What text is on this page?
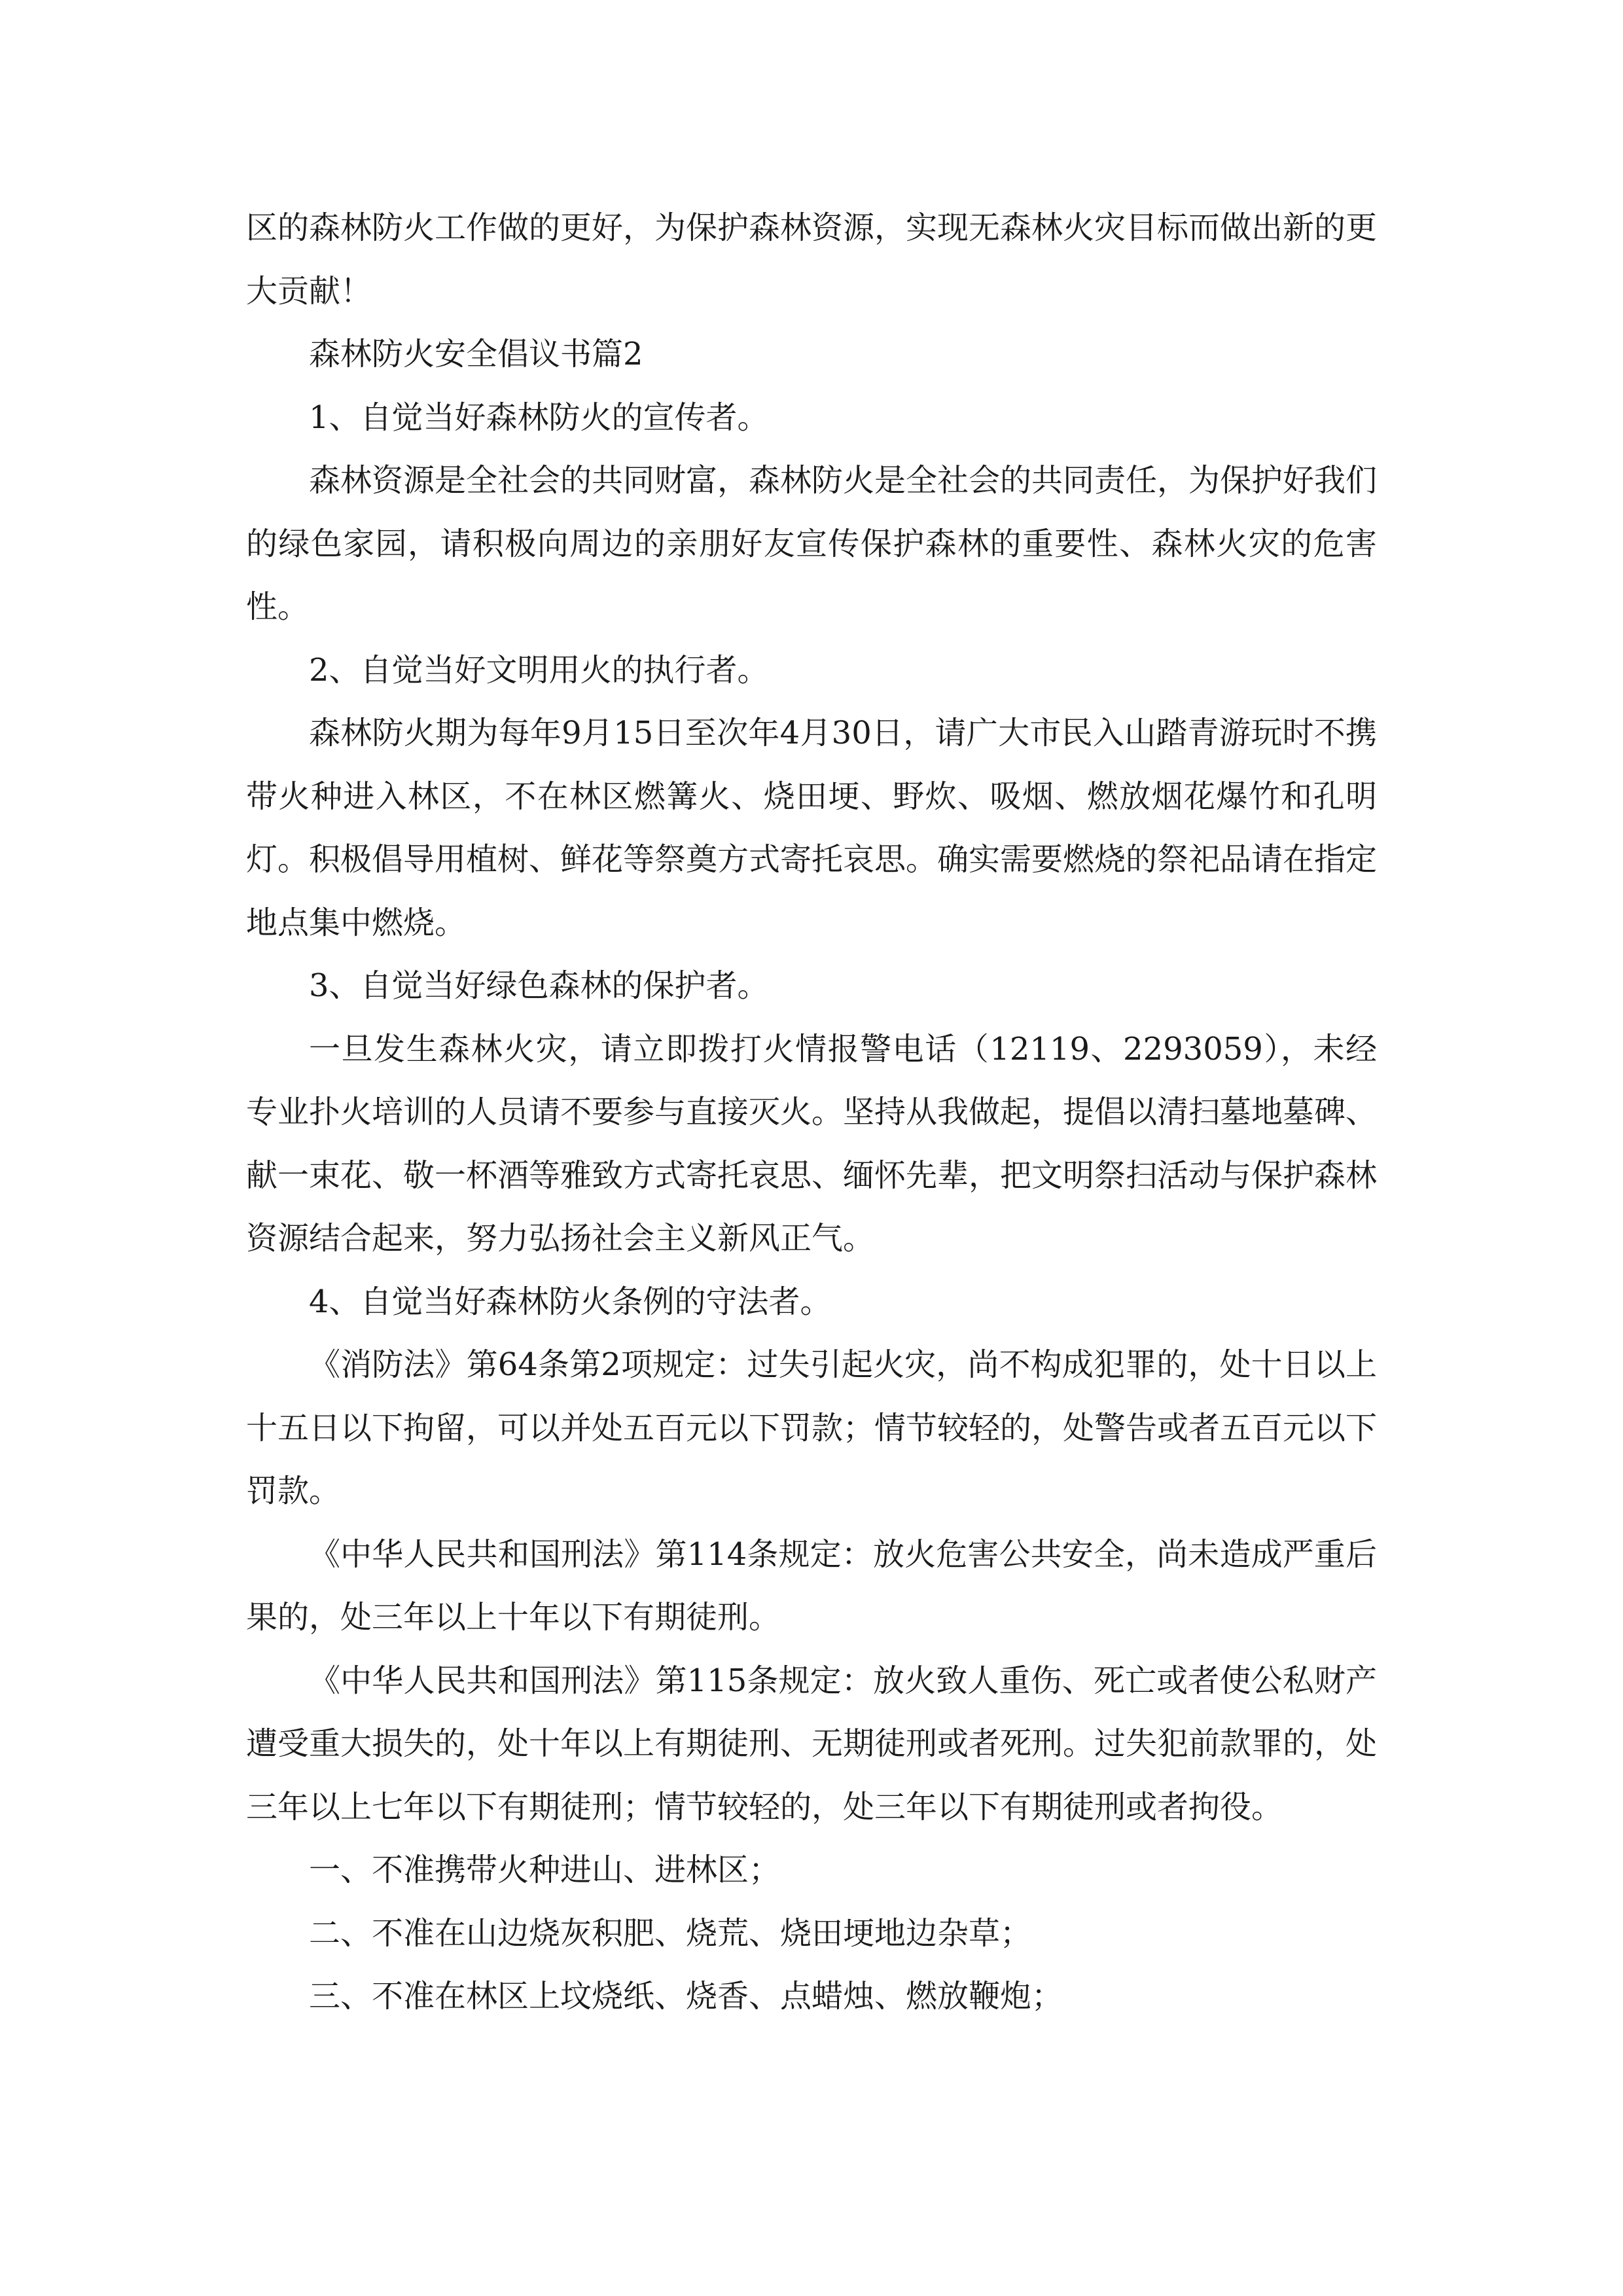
区的森林防火工作做的更好，为保护森林资源，实现无森林火灾目标而做出新的更大贡献！

森林防火安全倡议书篇2

1、自觉当好森林防火的宣传者。

森林资源是全社会的共同财富，森林防火是全社会的共同责任，为保护好我们的绿色家园，请积极向周边的亲朋好友宣传保护森林的重要性、森林火灾的危害性。

2、自觉当好文明用火的执行者。

森林防火期为每年9月15日至次年4月30日，请广大市民入山踏青游玩时不携带火种进入林区，不在林区燃篝火、烧田埂、野炊、吸烟、燃放烟花爆竹和孔明灯。积极倡导用植树、鲜花等祭奠方式寄托哀思。确实需要燃烧的祭祀品请在指定地点集中燃烧。

3、自觉当好绿色森林的保护者。

一旦发生森林火灾，请立即拨打火情报警电话（12119、2293059），未经专业扑火培训的人员请不要参与直接灭火。坚持从我做起，提倡以清扫墓地墓碑、献一束花、敬一杯酒等雅致方式寄托哀思、缅怀先辈，把文明祭扫活动与保护森林资源结合起来，努力弘扬社会主义新风正气。

4、自觉当好森林防火条例的守法者。

《消防法》第64条第2项规定：过失引起火灾，尚不构成犯罪的，处十日以上十五日以下拘留，可以并处五百元以下罚款；情节较轻的，处警告或者五百元以下罚款。

《中华人民共和国刑法》第114条规定：放火危害公共安全，尚未造成严重后果的，处三年以上十年以下有期徒刑。

《中华人民共和国刑法》第115条规定：放火致人重伤、死亡或者使公私财产遭受重大损失的，处十年以上有期徒刑、无期徒刑或者死刑。过失犯前款罪的，处三年以上七年以下有期徒刑；情节较轻的，处三年以下有期徒刑或者拘役。

一、不准携带火种进山、进林区；

二、不准在山边烧灰积肥、烧荒、烧田埂地边杂草；

三、不准在林区上坟烧纸、烧香、点蜡烛、燃放鞭炮；
